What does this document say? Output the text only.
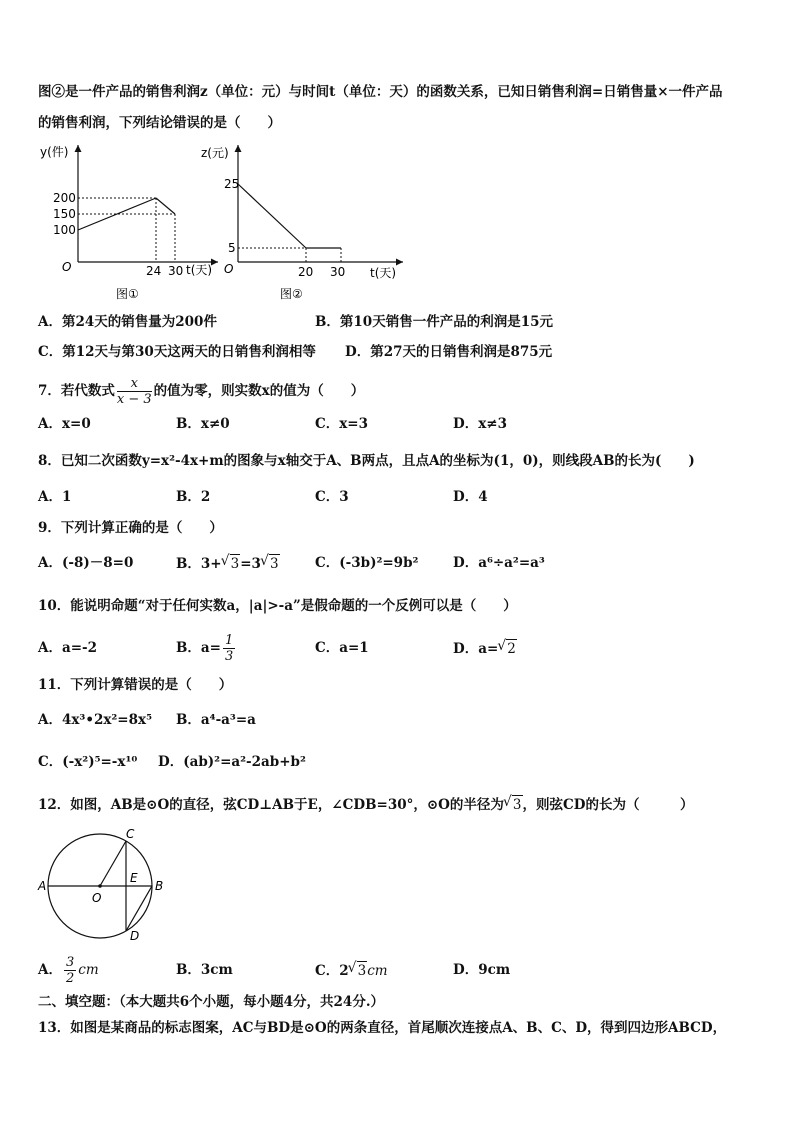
图②是一件产品的销售利润z（单位：元）与时间t（单位：天）的函数关系，已知日销售利润=日销售量×一件产品
的销售利润，下列结论错误的是（　　）
y(件)
t(天)
O
200
150
100
24 30
图①
z(元)
t(天)
O
25
5
20 30
图②
A．第24天的销售量为200件	B．第10天销售一件产品的利润是15元
C．第12天与第30天这两天的日销售利润相等 D．第27天的日销售利润是875元
7．若代数式 $\frac{x}{x - 3}$ 的值为零，则实数x的值为（　　）
A．x=0	B．x≠0	C．x=3	D．x≠3
8．已知二次函数y=x²-4x+m的图象与x轴交于A、B两点，且点A的坐标为(1，0)，则线段AB的长为(　　)
A．1	B．2	C．3	D．4
9．下列计算正确的是（　　）
A．(-8)－8=0	B．3+ √ 3=3 √ 3	C．(-3b)²=9b²	D．a⁶÷a²=a³
10．能说明命题“对于任何实数a，|a|>-a”是假命题的一个反例可以是（　　）
A．a=-2	B．$a= \frac{1}{3}$	C．a=1	D．a= √ 2
11．下列计算错误的是（　　）
A．4x³•2x²=8x⁵ B．a⁴-a³=a
C．(-x²)⁵=-x¹⁰ D．(ab)²=a²-2ab+b²
12．如图，AB是⊙O的直径，弦CD⊥AB于E，∠CDB=30°，⊙O的半径为 √ 3，则弦CD的长为（　　　）
A	B
C
D
E
O
A． $\frac{3}{2}$ cm	B．3cm	C．2 √ 3cm	D．9cm
二、填空题：（本大题共6个小题，每小题4分，共24分.）
13．如图是某商品的标志图案，AC与BD是⊙O的两条直径，首尾顺次连接点A、B、C、D，得到四边形ABCD，
